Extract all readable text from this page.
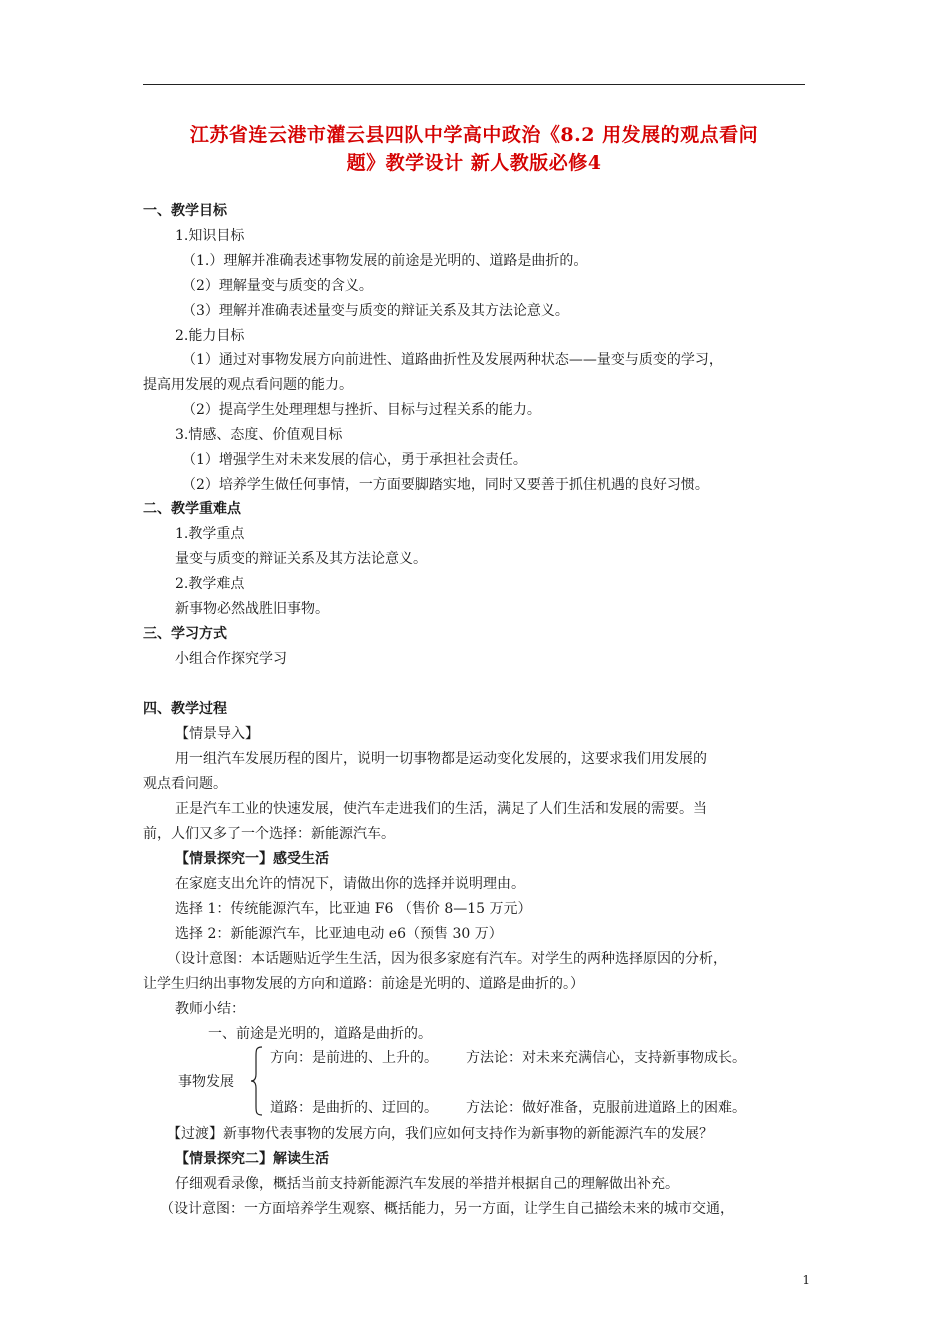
江苏省连云港市灌云县四队中学高中政治《8.2 用发展的观点看问
题》教学设计 新人教版必修4
一、教学目标
1.知识目标
（1.）理解并准确表述事物发展的前途是光明的、道路是曲折的。
（2）理解量变与质变的含义。
（3）理解并准确表述量变与质变的辩证关系及其方法论意义。
2.能力目标
（1）通过对事物发展方向前进性、道路曲折性及发展两种状态——量变与质变的学习，
提高用发展的观点看问题的能力。
（2）提高学生处理理想与挫折、目标与过程关系的能力。
3.情感、态度、价值观目标
（1）增强学生对未来发展的信心，勇于承担社会责任。
（2）培养学生做任何事情，一方面要脚踏实地，同时又要善于抓住机遇的良好习惯。
二、教学重难点
1.教学重点
量变与质变的辩证关系及其方法论意义。
2.教学难点
新事物必然战胜旧事物。
三、学习方式
小组合作探究学习
四、教学过程
【情景导入】
用一组汽车发展历程的图片，说明一切事物都是运动变化发展的，这要求我们用发展的
观点看问题。
正是汽车工业的快速发展，使汽车走进我们的生活，满足了人们生活和发展的需要。当
前，人们又多了一个选择：新能源汽车。
【情景探究一】感受生活
在家庭支出允许的情况下，请做出你的选择并说明理由。
选择 1：传统能源汽车，比亚迪 F6 （售价 8—15 万元）
选择 2：新能源汽车，比亚迪电动 e6（预售 30 万）
（设计意图：本话题贴近学生生活，因为很多家庭有汽车。对学生的两种选择原因的分析，
让学生归纳出事物发展的方向和道路：前途是光明的、道路是曲折的。）
教师小结：
一、前途是光明的，道路是曲折的。
事物发展
方向：是前进的、上升的。 方法论：对未来充满信心，支持新事物成长。
道路：是曲折的、迂回的。 方法论：做好准备，克服前进道路上的困难。
【过渡】新事物代表事物的发展方向，我们应如何支持作为新事物的新能源汽车的发展？
【情景探究二】解读生活
仔细观看录像，概括当前支持新能源汽车发展的举措并根据自己的理解做出补充。
（设计意图：一方面培养学生观察、概括能力，另一方面，让学生自己描绘未来的城市交通，
1
